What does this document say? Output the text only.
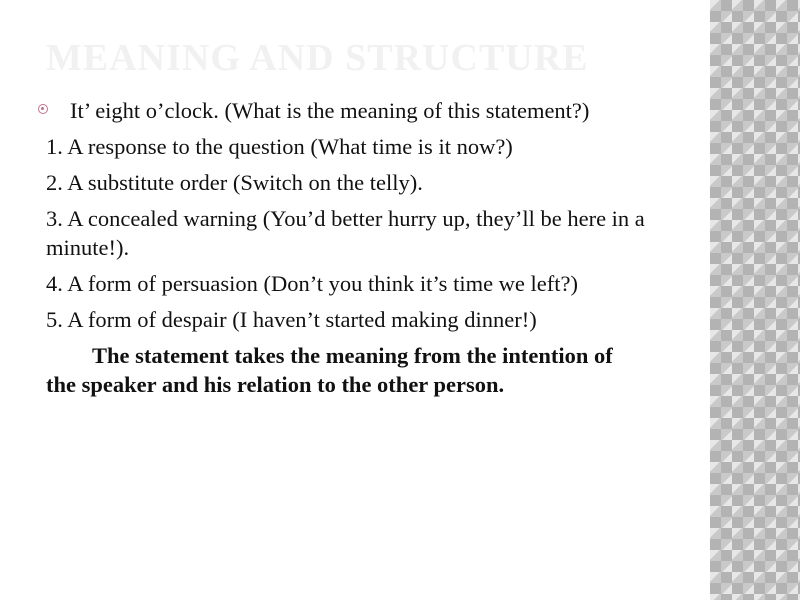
MEANING AND STRUCTURE
It’ eight o’clock. (What is the meaning of this statement?)
1. A response to the question (What time is it now?)
2. A substitute order (Switch on the telly).
3. A concealed warning (You’d better hurry up, they’ll be here in a minute!).
4. A form of persuasion (Don’t you think it’s time we left?)
5. A form of despair (I haven’t started making dinner!)
The statement takes the meaning from the intention of the speaker and his relation to the other person.
